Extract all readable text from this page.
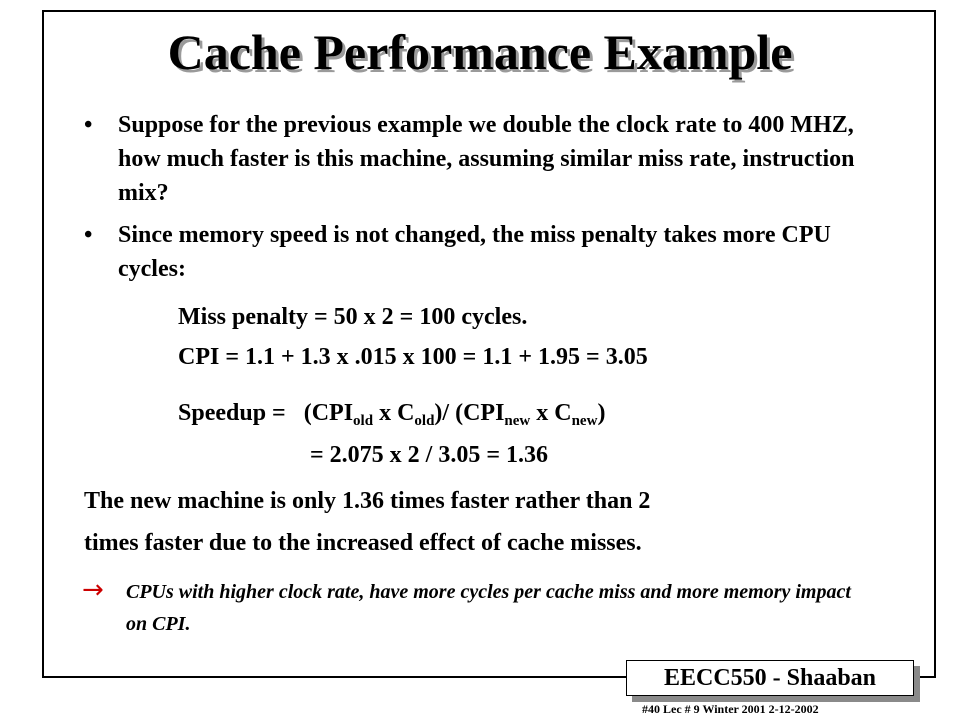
Cache Performance Example
• Suppose for the previous example we double the clock rate to 400 MHZ, how much faster is this machine, assuming similar miss rate, instruction mix?
• Since memory speed is not changed, the miss penalty takes more CPU cycles:
Miss penalty = 50 x 2 = 100 cycles.
CPI = 1.1 + 1.3 x .015 x 100 = 1.1 + 1.95 = 3.05
Speedup = ($CPI_{old}$ x $C_{old})/$ ($CPI_{new}$ x $C_{new}$)
= 2.075 x 2 / 3.05 = 1.36
The new machine is only 1.36 times faster rather than 2
times faster due to the increased effect of cache misses.
→ CPUs with higher clock rate, have more cycles per cache miss and more memory impact on CPI.
EECC550 - Shaaban
#40 Lec # 9 Winter 2001 2-12-2002
